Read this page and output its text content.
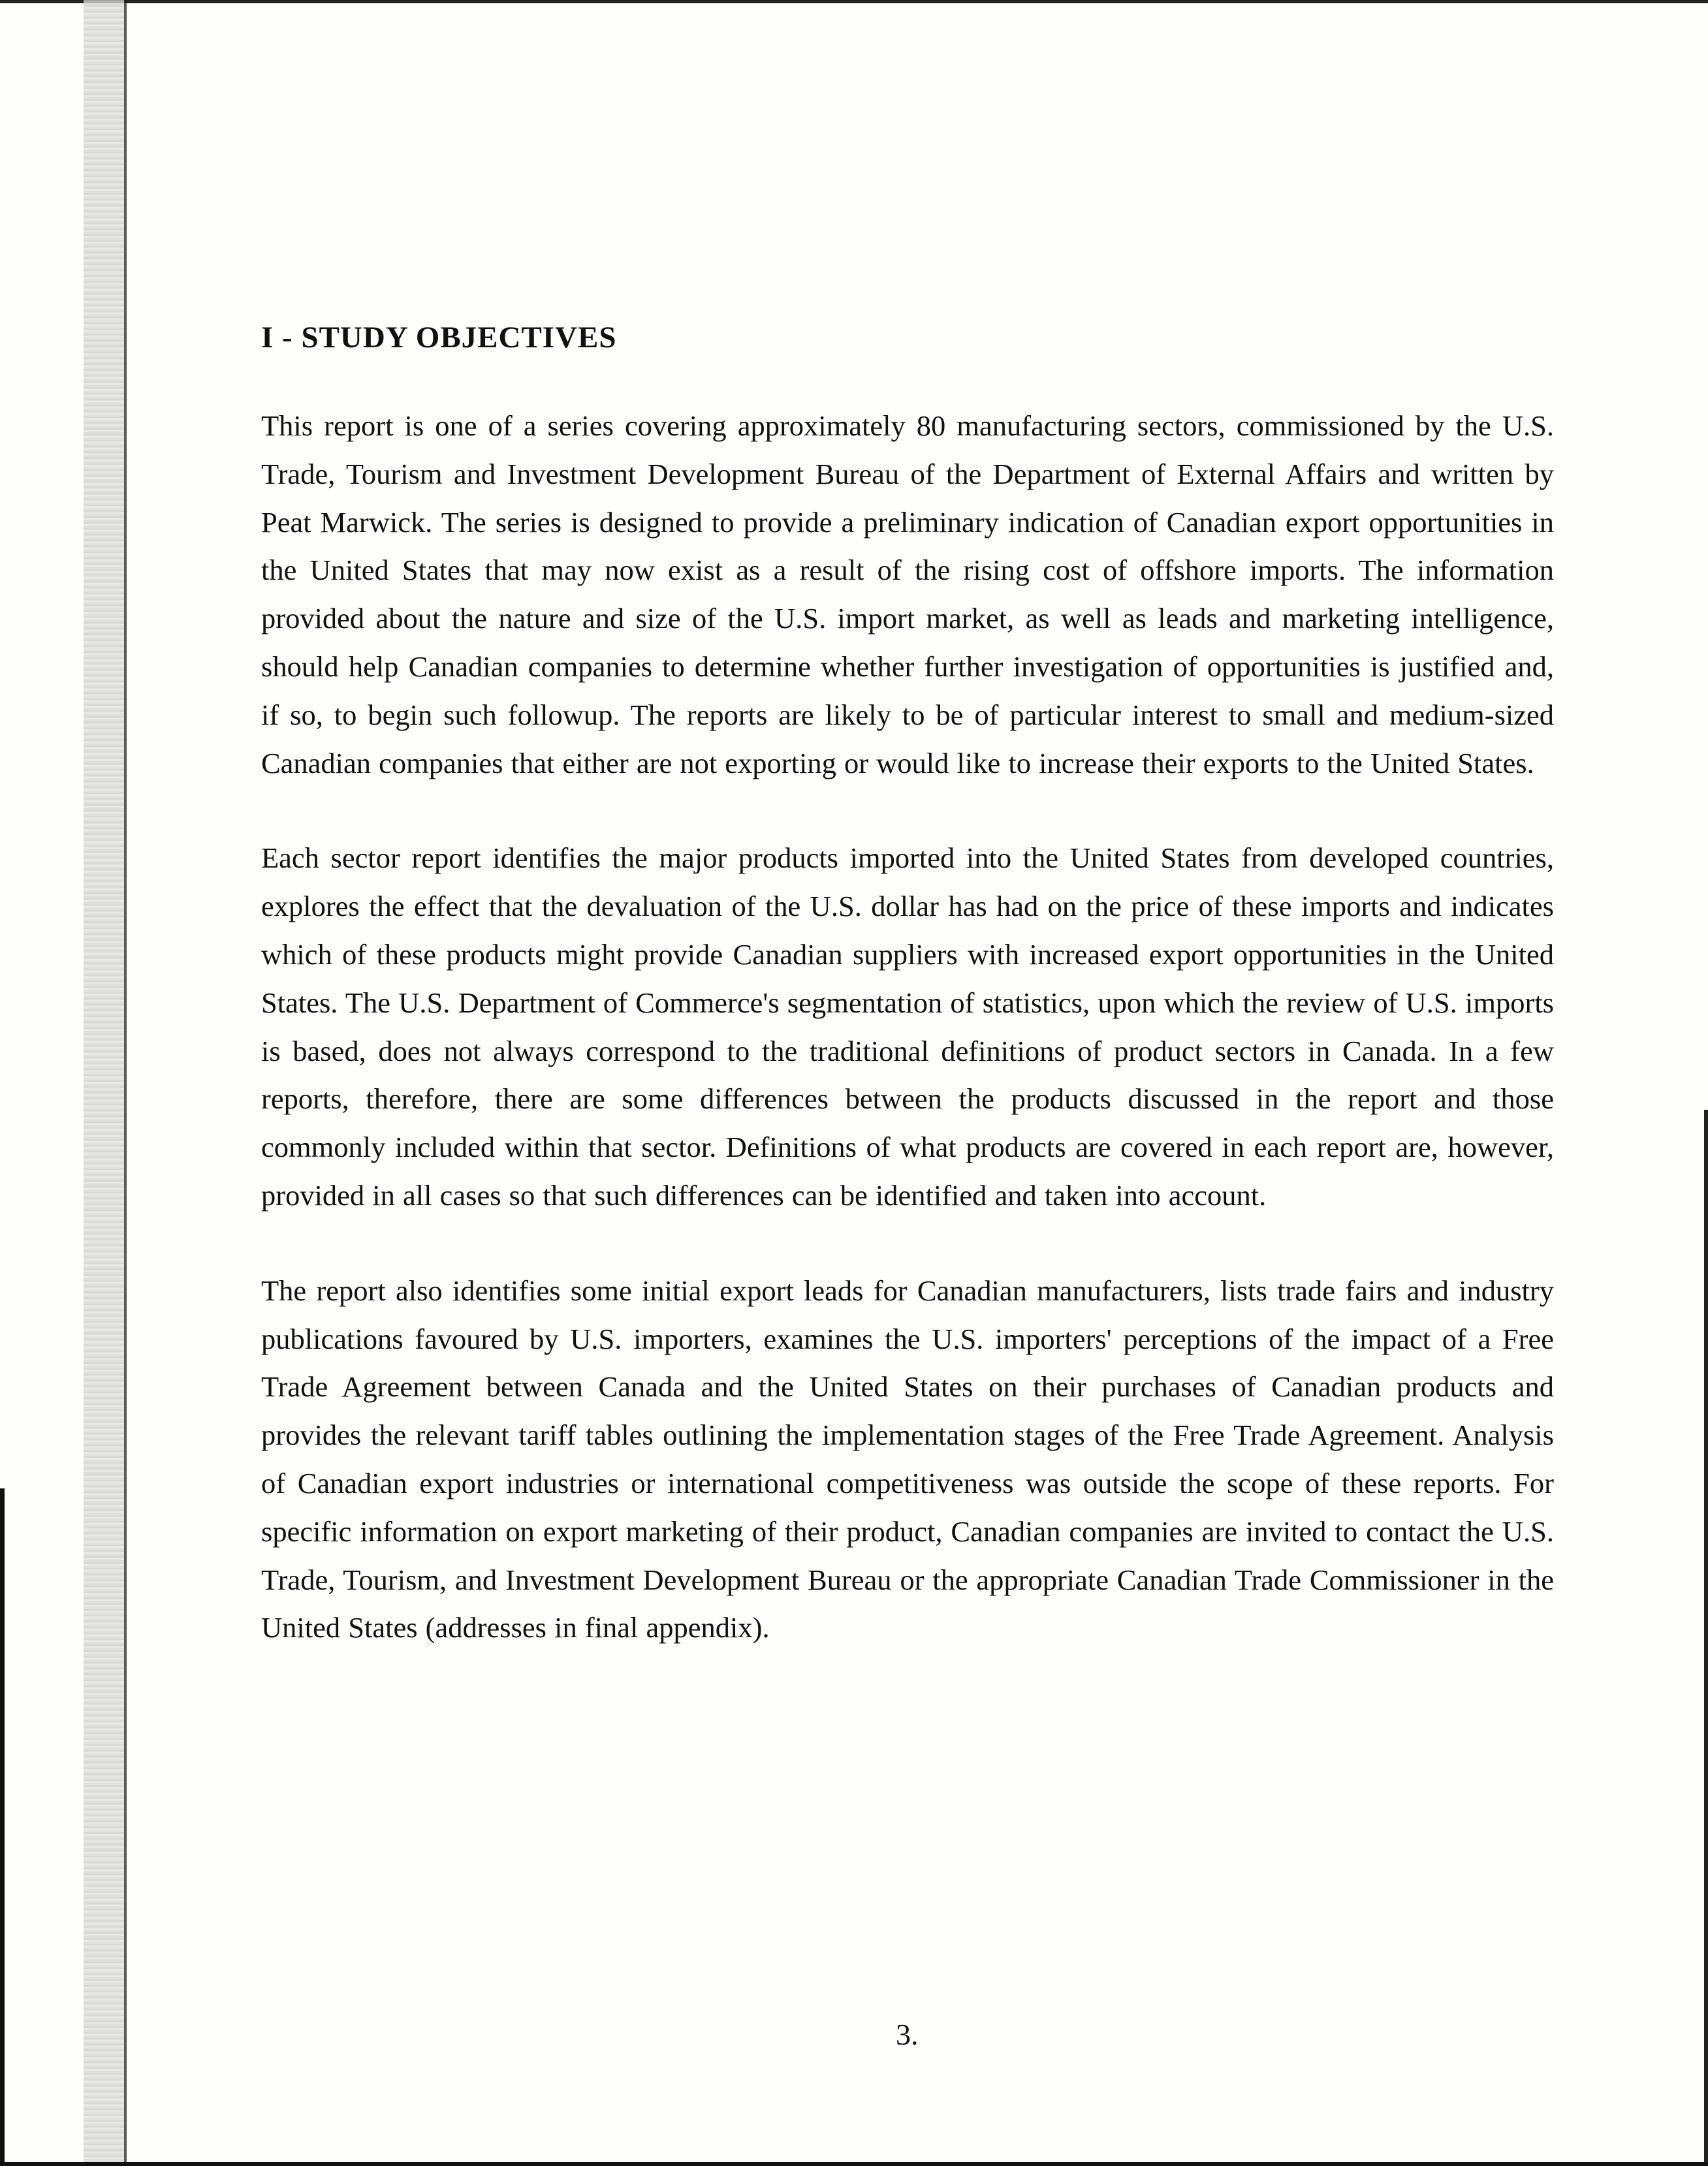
I - STUDY OBJECTIVES

This report is one of a series covering approximately 80 manufacturing sectors, commissioned by the U.S. Trade, Tourism and Investment Development Bureau of the Department of External Affairs and written by Peat Marwick. The series is designed to provide a preliminary indication of Canadian export opportunities in the United States that may now exist as a result of the rising cost of offshore imports. The information provided about the nature and size of the U.S. import market, as well as leads and marketing intelligence, should help Canadian companies to determine whether further investigation of opportunities is justified and, if so, to begin such followup. The reports are likely to be of particular interest to small and medium-sized Canadian companies that either are not exporting or would like to increase their exports to the United States.

Each sector report identifies the major products imported into the United States from developed countries, explores the effect that the devaluation of the U.S. dollar has had on the price of these imports and indicates which of these products might provide Canadian suppliers with increased export opportunities in the United States. The U.S. Department of Commerce's segmentation of statistics, upon which the review of U.S. imports is based, does not always correspond to the traditional definitions of product sectors in Canada. In a few reports, therefore, there are some differences between the products discussed in the report and those commonly included within that sector. Definitions of what products are covered in each report are, however, provided in all cases so that such differences can be identified and taken into account.

The report also identifies some initial export leads for Canadian manufacturers, lists trade fairs and industry publications favoured by U.S. importers, examines the U.S. importers' perceptions of the impact of a Free Trade Agreement between Canada and the United States on their purchases of Canadian products and provides the relevant tariff tables outlining the implementation stages of the Free Trade Agreement. Analysis of Canadian export industries or international competitiveness was outside the scope of these reports. For specific information on export marketing of their product, Canadian companies are invited to contact the U.S. Trade, Tourism, and Investment Development Bureau or the appropriate Canadian Trade Commissioner in the United States (addresses in final appendix).

3.
